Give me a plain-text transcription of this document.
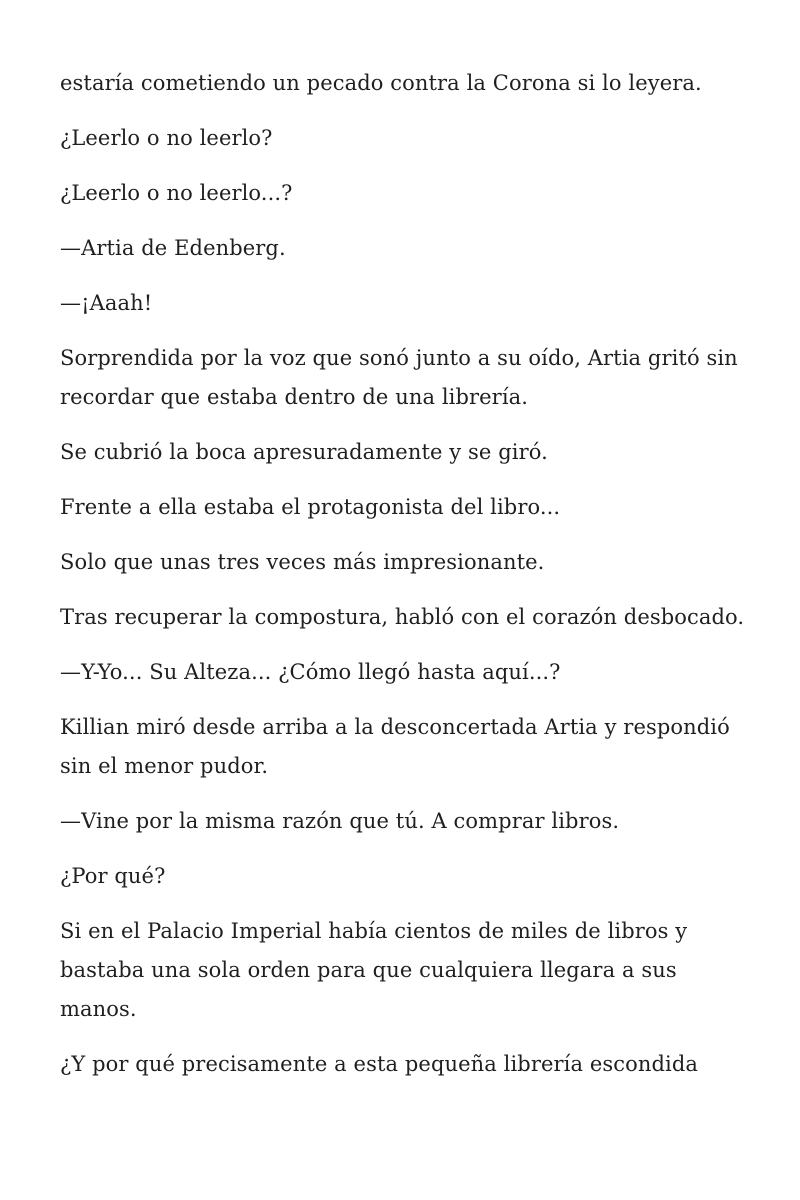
estaría cometiendo un pecado contra la Corona si lo leyera.

¿Leerlo o no leerlo?

¿Leerlo o no leerlo...?

—Artia de Edenberg.

—¡Aaah!

Sorprendida por la voz que sonó junto a su oído, Artia gritó sin recordar que estaba dentro de una librería.

Se cubrió la boca apresuradamente y se giró.

Frente a ella estaba el protagonista del libro...

Solo que unas tres veces más impresionante.

Tras recuperar la compostura, habló con el corazón desbocado.

—Y-Yo... Su Alteza... ¿Cómo llegó hasta aquí...?

Killian miró desde arriba a la desconcertada Artia y respondió sin el menor pudor.

—Vine por la misma razón que tú. A comprar libros.

¿Por qué?

Si en el Palacio Imperial había cientos de miles de libros y bastaba una sola orden para que cualquiera llegara a sus manos.

¿Y por qué precisamente a esta pequeña librería escondida
